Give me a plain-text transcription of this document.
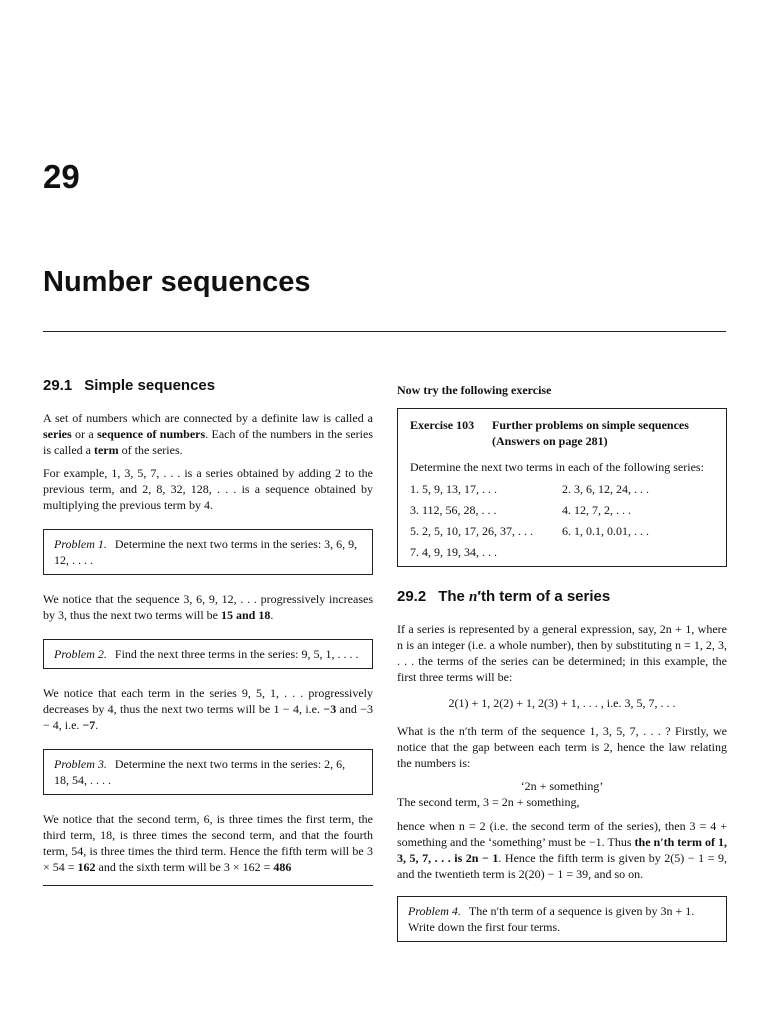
29
Number sequences
29.1 Simple sequences

A set of numbers which are connected by a definite law is called a series or a sequence of numbers. Each of the numbers in the series is called a term of the series.

For example, 1, 3, 5, 7, . . . is a series obtained by adding 2 to the previous term, and 2, 8, 32, 128, . . . is a sequence obtained by multiplying the previous term by 4.

Problem 1. Determine the next two terms in the series: 3, 6, 9, 12, . . . .

We notice that the sequence 3, 6, 9, 12, . . . progressively increases by 3, thus the next two terms will be 15 and 18.

Problem 2. Find the next three terms in the series: 9, 5, 1, . . . .

We notice that each term in the series 9, 5, 1, . . . progressively decreases by 4, thus the next two terms will be 1 − 4, i.e. −3 and −3 − 4, i.e. −7.

Problem 3. Determine the next two terms in the series: 2, 6, 18, 54, . . . .

We notice that the second term, 6, is three times the first term, the third term, 18, is three times the second term, and that the fourth term, 54, is three times the third term. Hence the fifth term will be 3 × 54 = 162 and the sixth term will be 3 × 162 = 486

Now try the following exercise
Exercise 103	Further problems on simple sequences (Answers on page 281)
Determine the next two terms in each of the following series:
1. 5, 9, 13, 17, . . .	2. 3, 6, 12, 24, . . .
3. 112, 56, 28, . . .	4. 12, 7, 2, . . .
5. 2, 5, 10, 17, 26, 37, . . .	6. 1, 0.1, 0.01, . . .
7. 4, 9, 19, 34, . . .
29.2 The n′th term of a series

If a series is represented by a general expression, say, 2n + 1, where n is an integer (i.e. a whole number), then by substituting n = 1, 2, 3, . . . the terms of the series can be determined; in this example, the first three terms will be:

2(1) + 1, 2(2) + 1, 2(3) + 1, . . . , i.e. 3, 5, 7, . . .

What is the n′th term of the sequence 1, 3, 5, 7, . . . ? Firstly, we notice that the gap between each term is 2, hence the law relating the numbers is:

‘2n + something’
The second term, 3 = 2n + something,

hence when n = 2 (i.e. the second term of the series), then 3 = 4 + something and the ‘something’ must be −1. Thus the n′th term of 1, 3, 5, 7, . . . is 2n − 1. Hence the fifth term is given by 2(5) − 1 = 9, and the twentieth term is 2(20) − 1 = 39, and so on.

Problem 4. The n′th term of a sequence is given by 3n + 1. Write down the first four terms.
